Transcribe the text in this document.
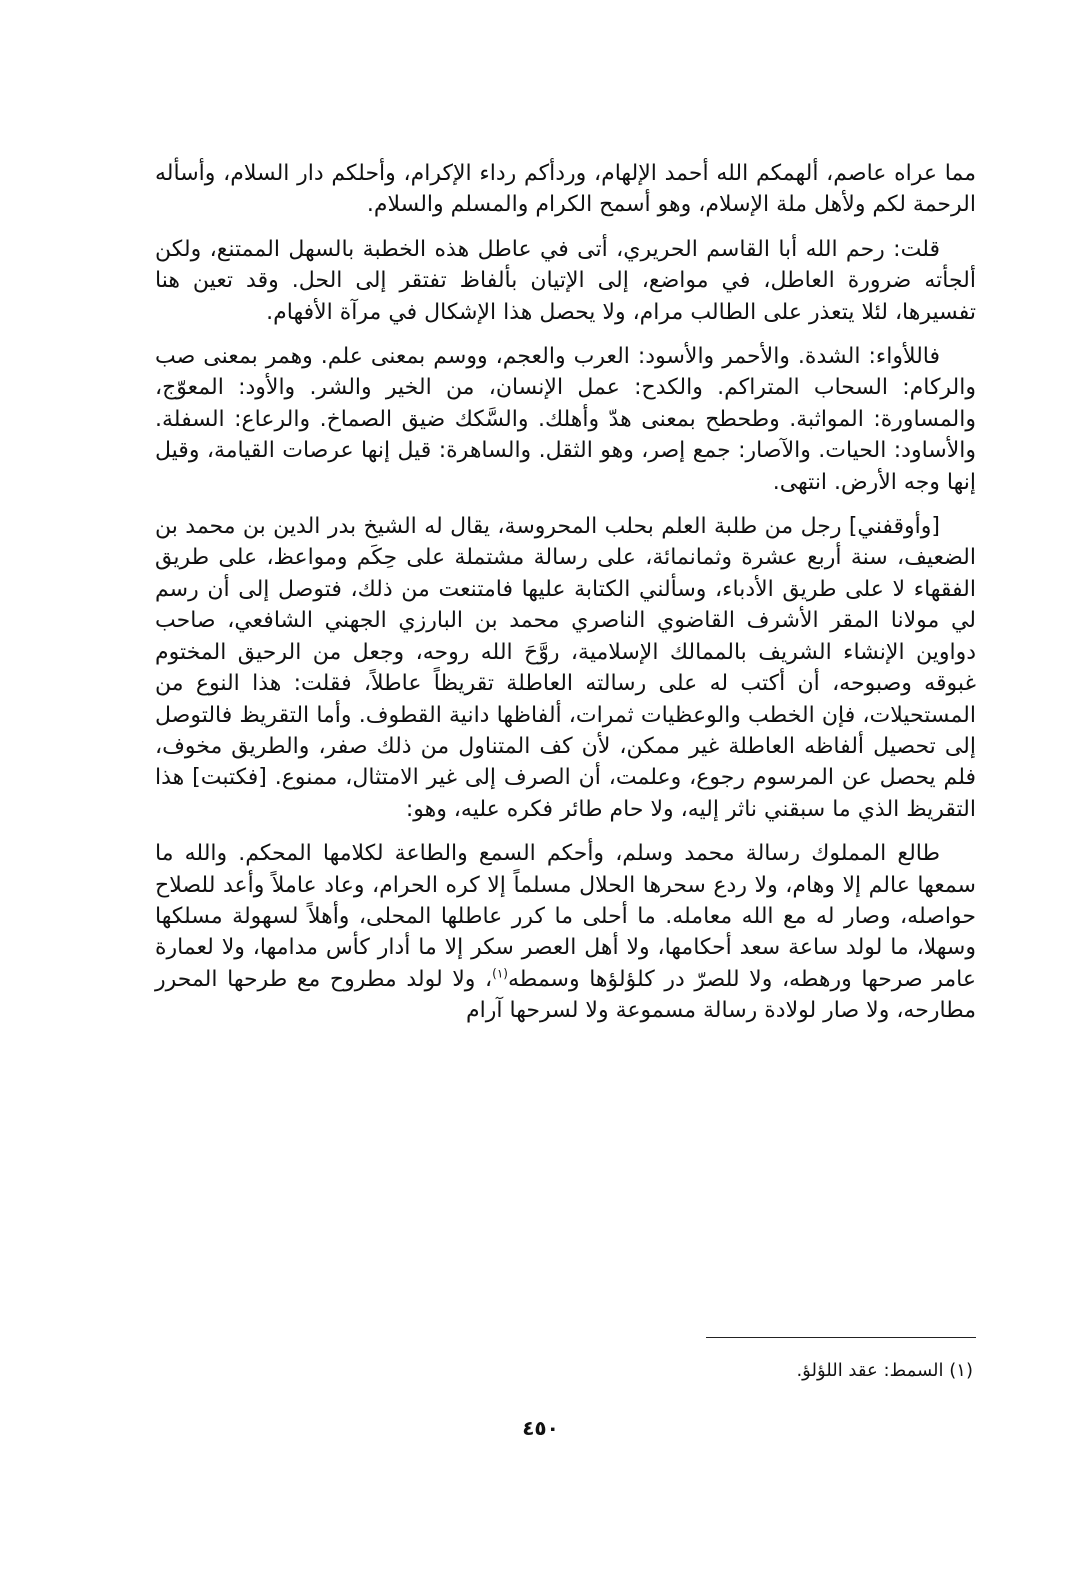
مما عراه عاصم، ألهمكم الله أحمد الإلهام، وردأكم رداء الإكرام، وأحلكم دار السلام، وأسأله الرحمة لكم ولأهل ملة الإسلام، وهو أسمح الكرام والمسلم والسلام.

قلت: رحم الله أبا القاسم الحريري، أتى في عاطل هذه الخطبة بالسهل الممتنع، ولكن ألجأته ضرورة العاطل، في مواضع، إلى الإتيان بألفاظ تفتقر إلى الحل. وقد تعين هنا تفسيرها، لئلا يتعذر على الطالب مرام، ولا يحصل هذا الإشكال في مرآة الأفهام.

فاللأواء: الشدة. والأحمر والأسود: العرب والعجم، ووسم بمعنى علم. وهمر بمعنى صب والركام: السحاب المتراكم. والكدح: عمل الإنسان، من الخير والشر. والأود: المعوّج، والمساورة: المواثبة. وطحطح بمعنى هدّ وأهلك. والسَّكك ضيق الصماخ. والرعاع: السفلة. والأساود: الحيات. والآصار: جمع إصر، وهو الثقل. والساهرة: قيل إنها عرصات القيامة، وقيل إنها وجه الأرض. انتهى.

[وأوقفني] رجل من طلبة العلم بحلب المحروسة، يقال له الشيخ بدر الدين بن محمد بن الضعيف، سنة أربع عشرة وثمانمائة، على رسالة مشتملة على حِكَم ومواعظ، على طريق الفقهاء لا على طريق الأدباء، وسألني الكتابة عليها فامتنعت من ذلك، فتوصل إلى أن رسم لي مولانا المقر الأشرف القاضوي الناصري محمد بن البارزي الجهني الشافعي، صاحب دواوين الإنشاء الشريف بالممالك الإسلامية، روَّحَ الله روحه، وجعل من الرحيق المختوم غبوقه وصبوحه، أن أكتب له على رسالته العاطلة تقريظاً عاطلاً، فقلت: هذا النوع من المستحيلات، فإن الخطب والوعظيات ثمرات، ألفاظها دانية القطوف. وأما التقريظ فالتوصل إلى تحصيل ألفاظه العاطلة غير ممكن، لأن كف المتناول من ذلك صفر، والطريق مخوف، فلم يحصل عن المرسوم رجوع، وعلمت، أن الصرف إلى غير الامتثال، ممنوع. [فكتبت] هذا التقريظ الذي ما سبقني ناثر إليه، ولا حام طائر فكره عليه، وهو:

طالع المملوك رسالة محمد وسلم، وأحكم السمع والطاعة لكلامها المحكم. والله ما سمعها عالم إلا وهام، ولا ردع سحرها الحلال مسلماً إلا كره الحرام، وعاد عاملاً وأعد للصلاح حواصله، وصار له مع الله معامله. ما أحلى ما كرر عاطلها المحلى، وأهلاً لسهولة مسلكها وسهلا، ما لولد ساعة سعد أحكامها، ولا أهل العصر سكر إلا ما أدار كأس مدامها، ولا لعمارة عامر صرحها ورهطه، ولا للصرّ در كلؤلؤها وسمطه$^{(١)}$، ولا لولد مطروح مع طرحها المحرر مطارحه، ولا صار لولادة رسالة مسموعة ولا لسرحها آرام

(١) السمط: عقد اللؤلؤ.
٤٥٠
